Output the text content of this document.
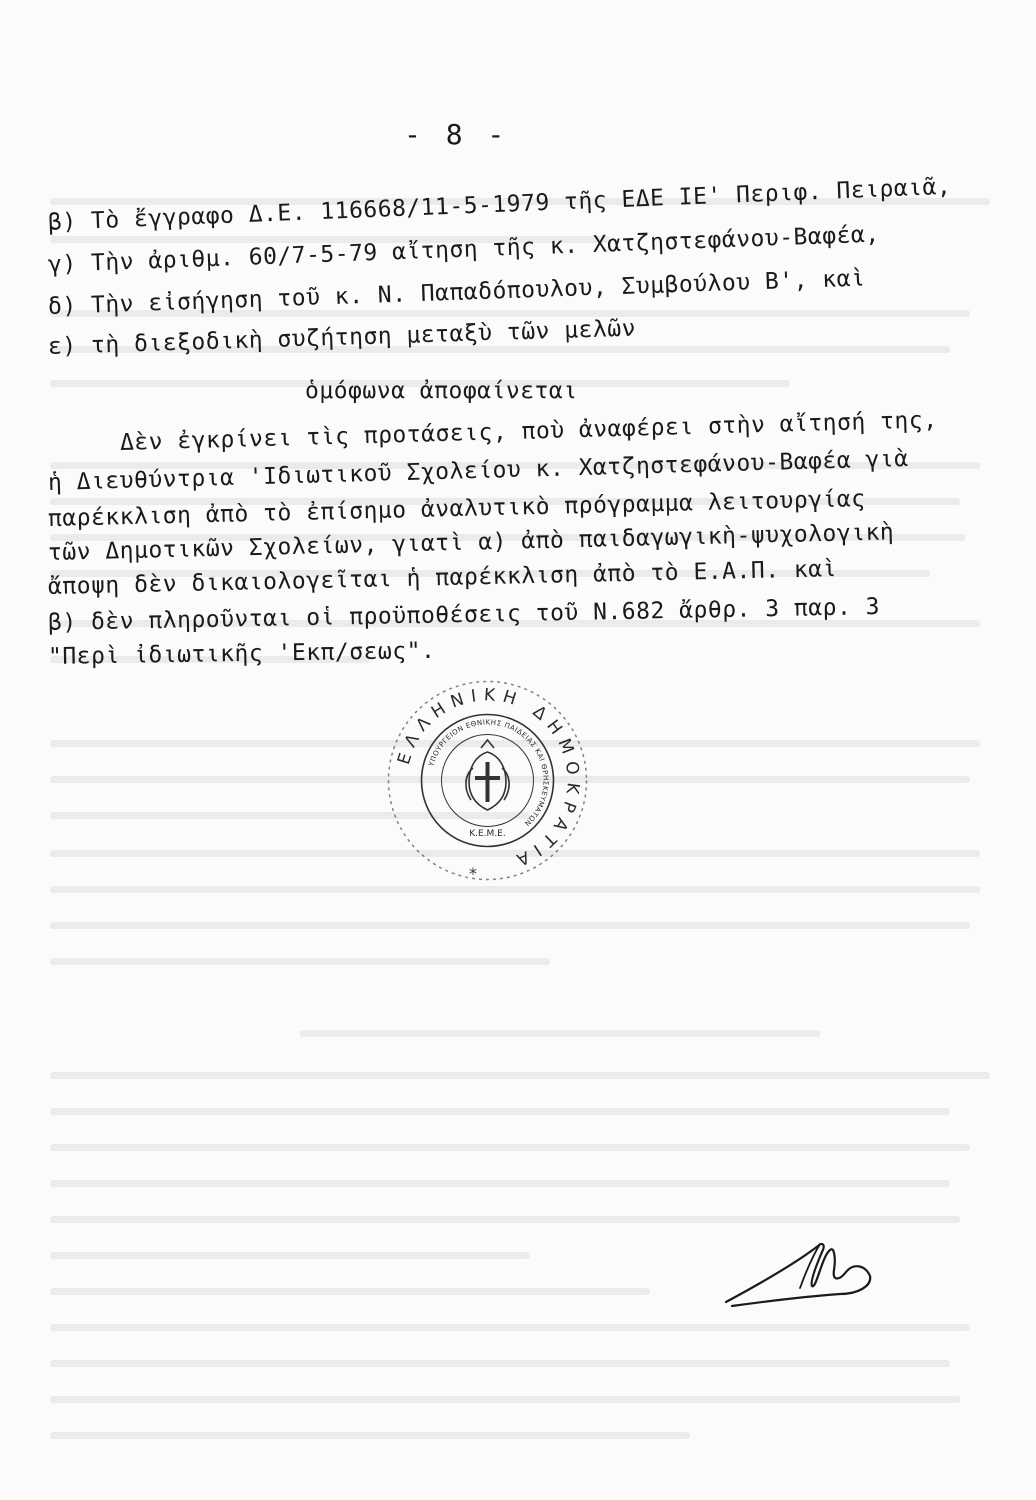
- 8 -
β) Τὸ ἔγγραφο Δ.Ε. 116668/11-5-1979 τῆς ΕΔΕ ΙΕ' Περιφ. Πειραιᾶ,
γ) Τὴν ἀριθμ. 60/7-5-79 αἴτηση τῆς κ. Χατζηστεφάνου-Βαφέα,
δ) Τὴν εἰσήγηση τοῦ κ. Ν. Παπαδόπουλου, Συμβούλου Β', καὶ
ε) τὴ διεξοδικὴ συζήτηση μεταξὺ τῶν μελῶν
ὁμόφωνα ἀποφαίνεται
Δὲν ἐγκρίνει τὶς προτάσεις, ποὺ ἀναφέρει στὴν αἴτησή της,
ἡ Διευθύντρια 'Ιδιωτικοῦ Σχολείου κ. Χατζηστεφάνου-Βαφέα γιὰ
παρέκκλιση ἀπὸ τὸ ἐπίσημο ἀναλυτικὸ πρόγραμμα λειτουργίας
τῶν Δημοτικῶν Σχολείων, γιατὶ α) ἀπὸ παιδαγωγικὴ-ψυχολογικὴ
ἄποψη δὲν δικαιολογεῖται ἡ παρέκκλιση ἀπὸ τὸ Ε.Α.Π. καὶ
β) δὲν πληροῦνται οἱ προϋποθέσεις τοῦ Ν.682 ἄρθρ. 3 παρ. 3
"Περὶ ἰδιωτικῆς 'Εκπ/σεως".
ΕΛΛΗΝΙΚΗ ΔΗΜΟΚΡΑΤΙΑ
ΥΠΟΥΡΓΕΙΟΝ ΕΘΝΙΚΗΣ ΠΑΙΔΕΙΑΣ ΚΑΙ ΘΡΗΣΚΕΥΜΑΤΩΝ
Κ.Ε.Μ.Ε.
*
